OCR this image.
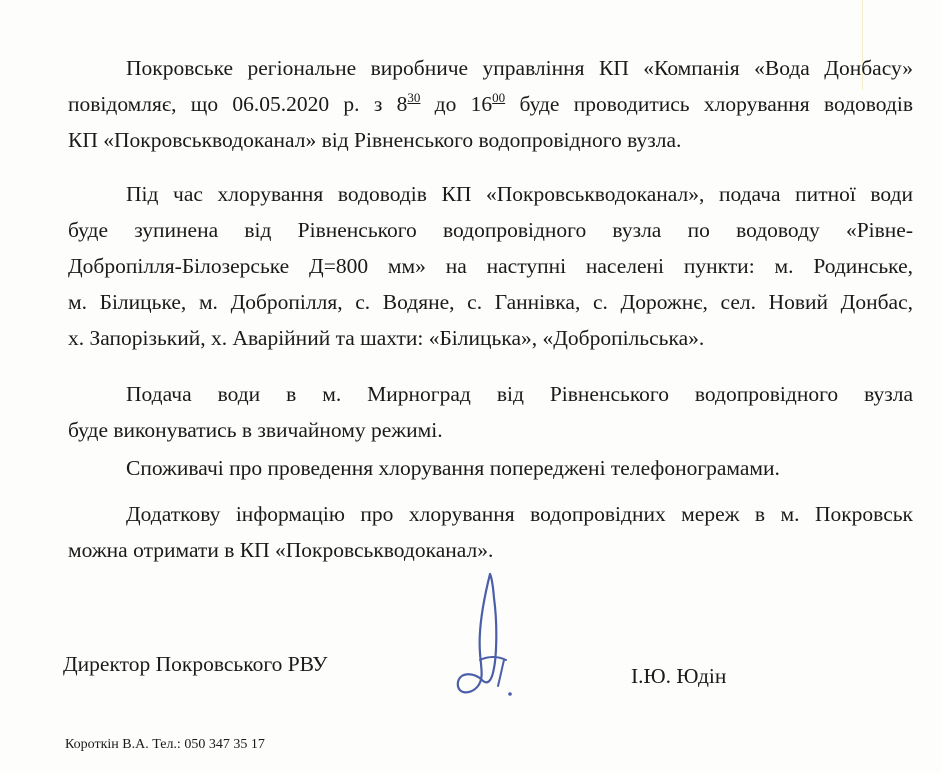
Покровське регіональне виробниче управління КП «Компанія «Вода Донбасу»
повідомляє, що 06.05.2020 р. з $8^{30}$ до $16^{00}$ буде проводитись хлорування водоводів
КП «Покровськводоканал» від Рівненського водопровідного вузла.
Під час хлорування водоводів КП «Покровськводоканал», подача питної води
буде зупинена від Рівненського водопровідного вузла по водоводу «Рівне-
Добропілля-Білозерське Д=800 мм» на наступні населені пункти: м. Родинське,
м. Білицьке, м. Добропілля, с. Водяне, с. Ганнівка, с. Дорожнє, сел. Новий Донбас,
х. Запорізький, х. Аварійний та шахти: «Білицька», «Добропільська».
Подача води в м. Мирноград від Рівненського водопровідного вузла
буде виконуватись в звичайному режимі.
Споживачі про проведення хлорування попереджені телефонограмами.
Додаткову інформацію про хлорування водопровідних мереж в м. Покровськ
можна отримати в КП «Покровськводоканал».
Директор Покровського РВУ	І.Ю. Юдін
Короткін В.А. Тел.: 050 347 35 17
